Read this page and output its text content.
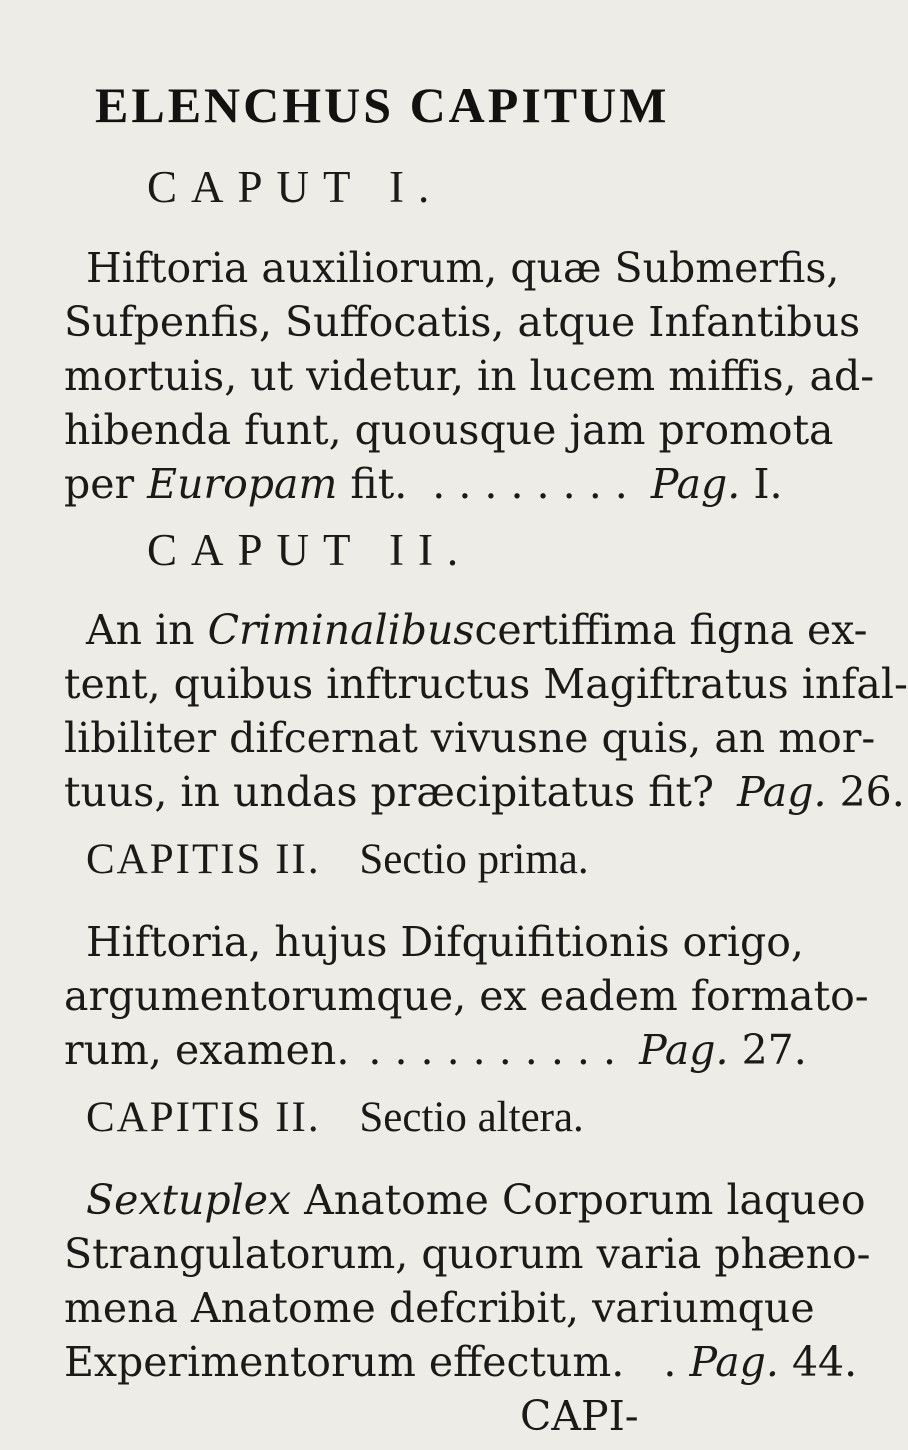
ELENCHUS CAPITUM
CAPUT I.
Hiftoria auxiliorum, quæ Submerfis,
Sufpenfis, Suffocatis, atque Infantibus
mortuis, ut videtur, in lucem miffis, ad-
hibenda funt, quousque jam promota
per Europam fit. . . . . . . . . Pag. I.
CAPUT II.
An in Criminalibuscertiffima figna ex-
tent, quibus inftructus Magiftratus infal-
libiliter difcernat vivusne quis, an mor-
tuus, in undas præcipitatus fit? Pag. 26.
CAPITIS II. Sectio prima.
Hiftoria, hujus Difquifitionis origo,
argumentorumque, ex eadem formato-
rum, examen. . . . . . . . . . . Pag. 27.
CAPITIS II. Sectio altera.
Sextuplex Anatome Corporum laqueo
Strangulatorum, quorum varia phæno-
mena Anatome defcribit, variumque
Experimentorum effectum. . Pag. 44.
CAPI-
